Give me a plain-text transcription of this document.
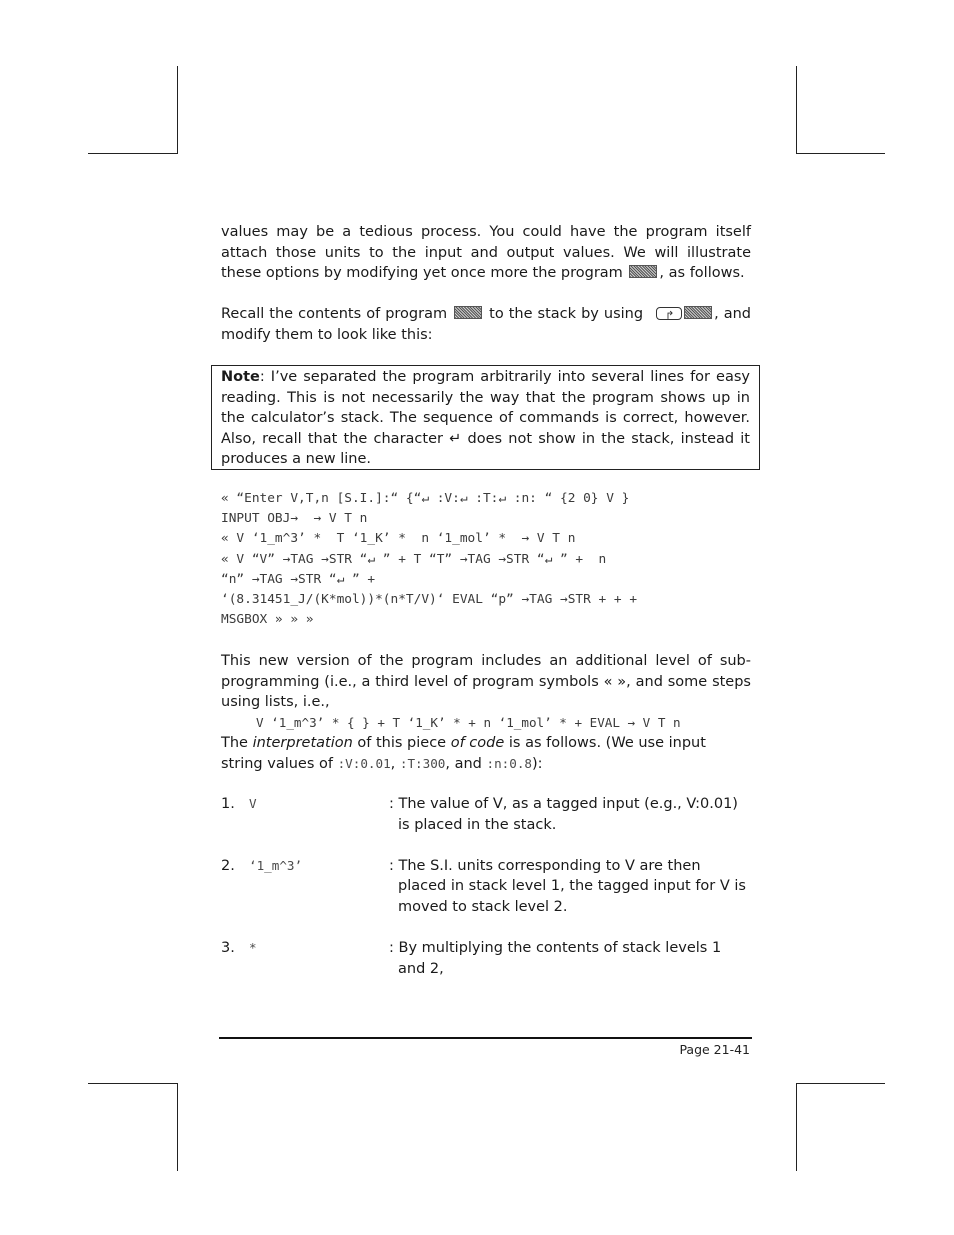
values may be a tedious process. You could have the program itself attach those units to the input and output values. We will illustrate these options by modifying yet once more the program , as follows.

Recall the contents of program  to the stack by using ↱	, and modify them to look like this:

Note: I’ve separated the program arbitrarily into several lines for easy reading. This is not necessarily the way that the program shows up in the calculator’s stack. The sequence of commands is correct, however. Also, recall that the character ↵ does not show in the stack, instead it produces a new line.

« “Enter V,T,n [S.I.]:“ {“↵ :V:↵ :T:↵ :n: “ {2 0} V }

INPUT OBJ→  → V T n

« V ‘1_m^3’ *  T ‘1_K’ *  n ‘1_mol’ *  → V T n

« V “V” →TAG →STR “↵ ” + T “T” →TAG →STR “↵ ” +  n

“n” →TAG →STR “↵ ” +

‘(8.31451_J/(K*mol))*(n*T/V)‘ EVAL “p” →TAG →STR + + +

MSGBOX » » »

This new version of the program includes an additional level of sub-programming (i.e., a third level of program symbols « », and some steps using lists, i.e.,

V ‘1_m^3’ * { } + T ‘1_K’ * + n ‘1_mol’ * + EVAL → V T n

The interpretation of this piece of code is as follows. (We use input string values of :V:0.01, :T:300, and :n:0.8):

1. V	: The value of V, as a tagged input (e.g., V:0.01) is placed in the stack.
2. ‘1_m^3’	: The S.I. units corresponding to V are then placed in stack level 1, the tagged input for V is moved to stack level 2.
3. *	: By multiplying the contents of stack levels 1 and 2,
Page 21-41
